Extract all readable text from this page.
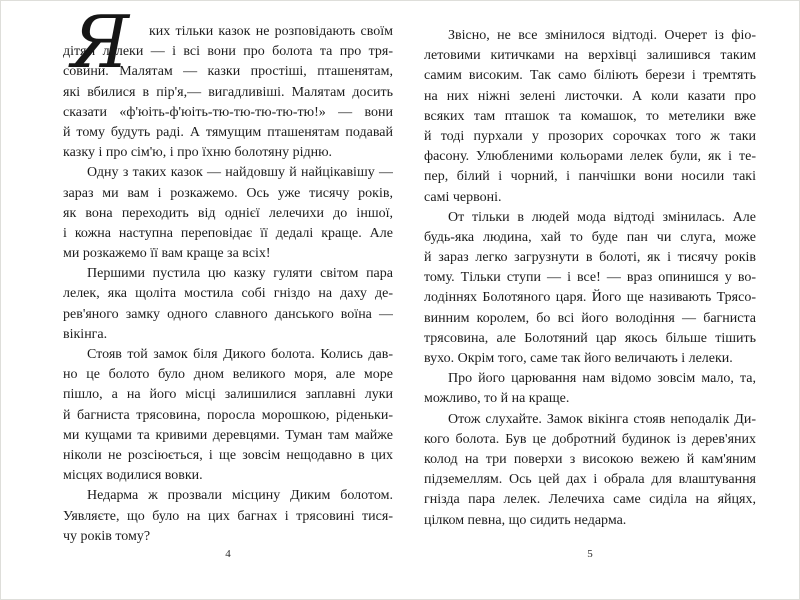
Я	ких тільки казок не розповідають своїм
дітям лелеки — і всі вони про болота та про тря-
совини. Малятам — казки простіші, пташенятам,
які вбилися в пір'я,— вигадливіші. Малятам досить
сказати «ф'юіть-ф'юіть-тю-тю-тю-тю-тю!» — вони
й тому будуть раді. А тямущим пташенятам подавай
казку і про сім'ю, і про їхню болотяну рідню.
Одну з таких казок — найдовшу й найцікавішу —
зараз ми вам і розкажемо. Ось уже тисячу років,
як вона переходить від однієї лелечихи до іншої,
і кожна наступна переповідає її дедалі краще. Але
ми розкажемо її вам краще за всіх!
Першими пустила цю казку гуляти світом пара
лелек, яка щоліта мостила собі гніздо на даху де-
рев'яного замку одного славного данського воїна —
вікінга.
Стояв той замок біля Дикого болота. Колись дав-
но це болото було дном великого моря, але море
пішло, а на його місці залишилися заплавні луки
й багниста трясовина, поросла морошкою, ріденьки-
ми кущами та кривими деревцями. Туман там майже
ніколи не розсіюється, і ще зовсім нещодавно в цих
місцях водилися вовки.
Недарма ж прозвали місцину Диким болотом.
Уявляєте, що було на цих багнах і трясовині тися-
чу років тому?
4
Звісно, не все змінилося відтоді. Очерет із фіо-
летовими китичками на верхівці залишився таким
самим високим. Так само біліють берези і тремтять
на них ніжні зелені листочки. А коли казати про
всяких там пташок та комашок, то метелики вже
й тоді пурхали у прозорих сорочках того ж таки
фасону. Улюбленими кольорами лелек були, як і те-
пер, білий і чорний, і панчішки вони носили такі
самі червоні.
От тільки в людей мода відтоді змінилась. Але
будь-яка людина, хай то буде пан чи слуга, може
й зараз легко загрузнути в болоті, як і тисячу років
тому. Тільки ступи — і все! — враз опинишся у во-
лодіннях Болотяного царя. Його ще називають Трясо-
винним королем, бо всі його володіння — багниста
трясовина, але Болотяний цар якось більше тішить
вухо. Окрім того, саме так його величають і лелеки.
Про його царювання нам відомо зовсім мало, та,
можливо, то й на краще.
Отож слухайте. Замок вікінга стояв неподалік Ди-
кого болота. Був це добротний будинок із дерев'яних
колод на три поверхи з високою вежею й кам'яним
підземеллям. Ось цей дах і обрала для влаштування
гнізда пара лелек. Лелечиха саме сиділа на яйцях,
цілком певна, що сидить недарма.
5
